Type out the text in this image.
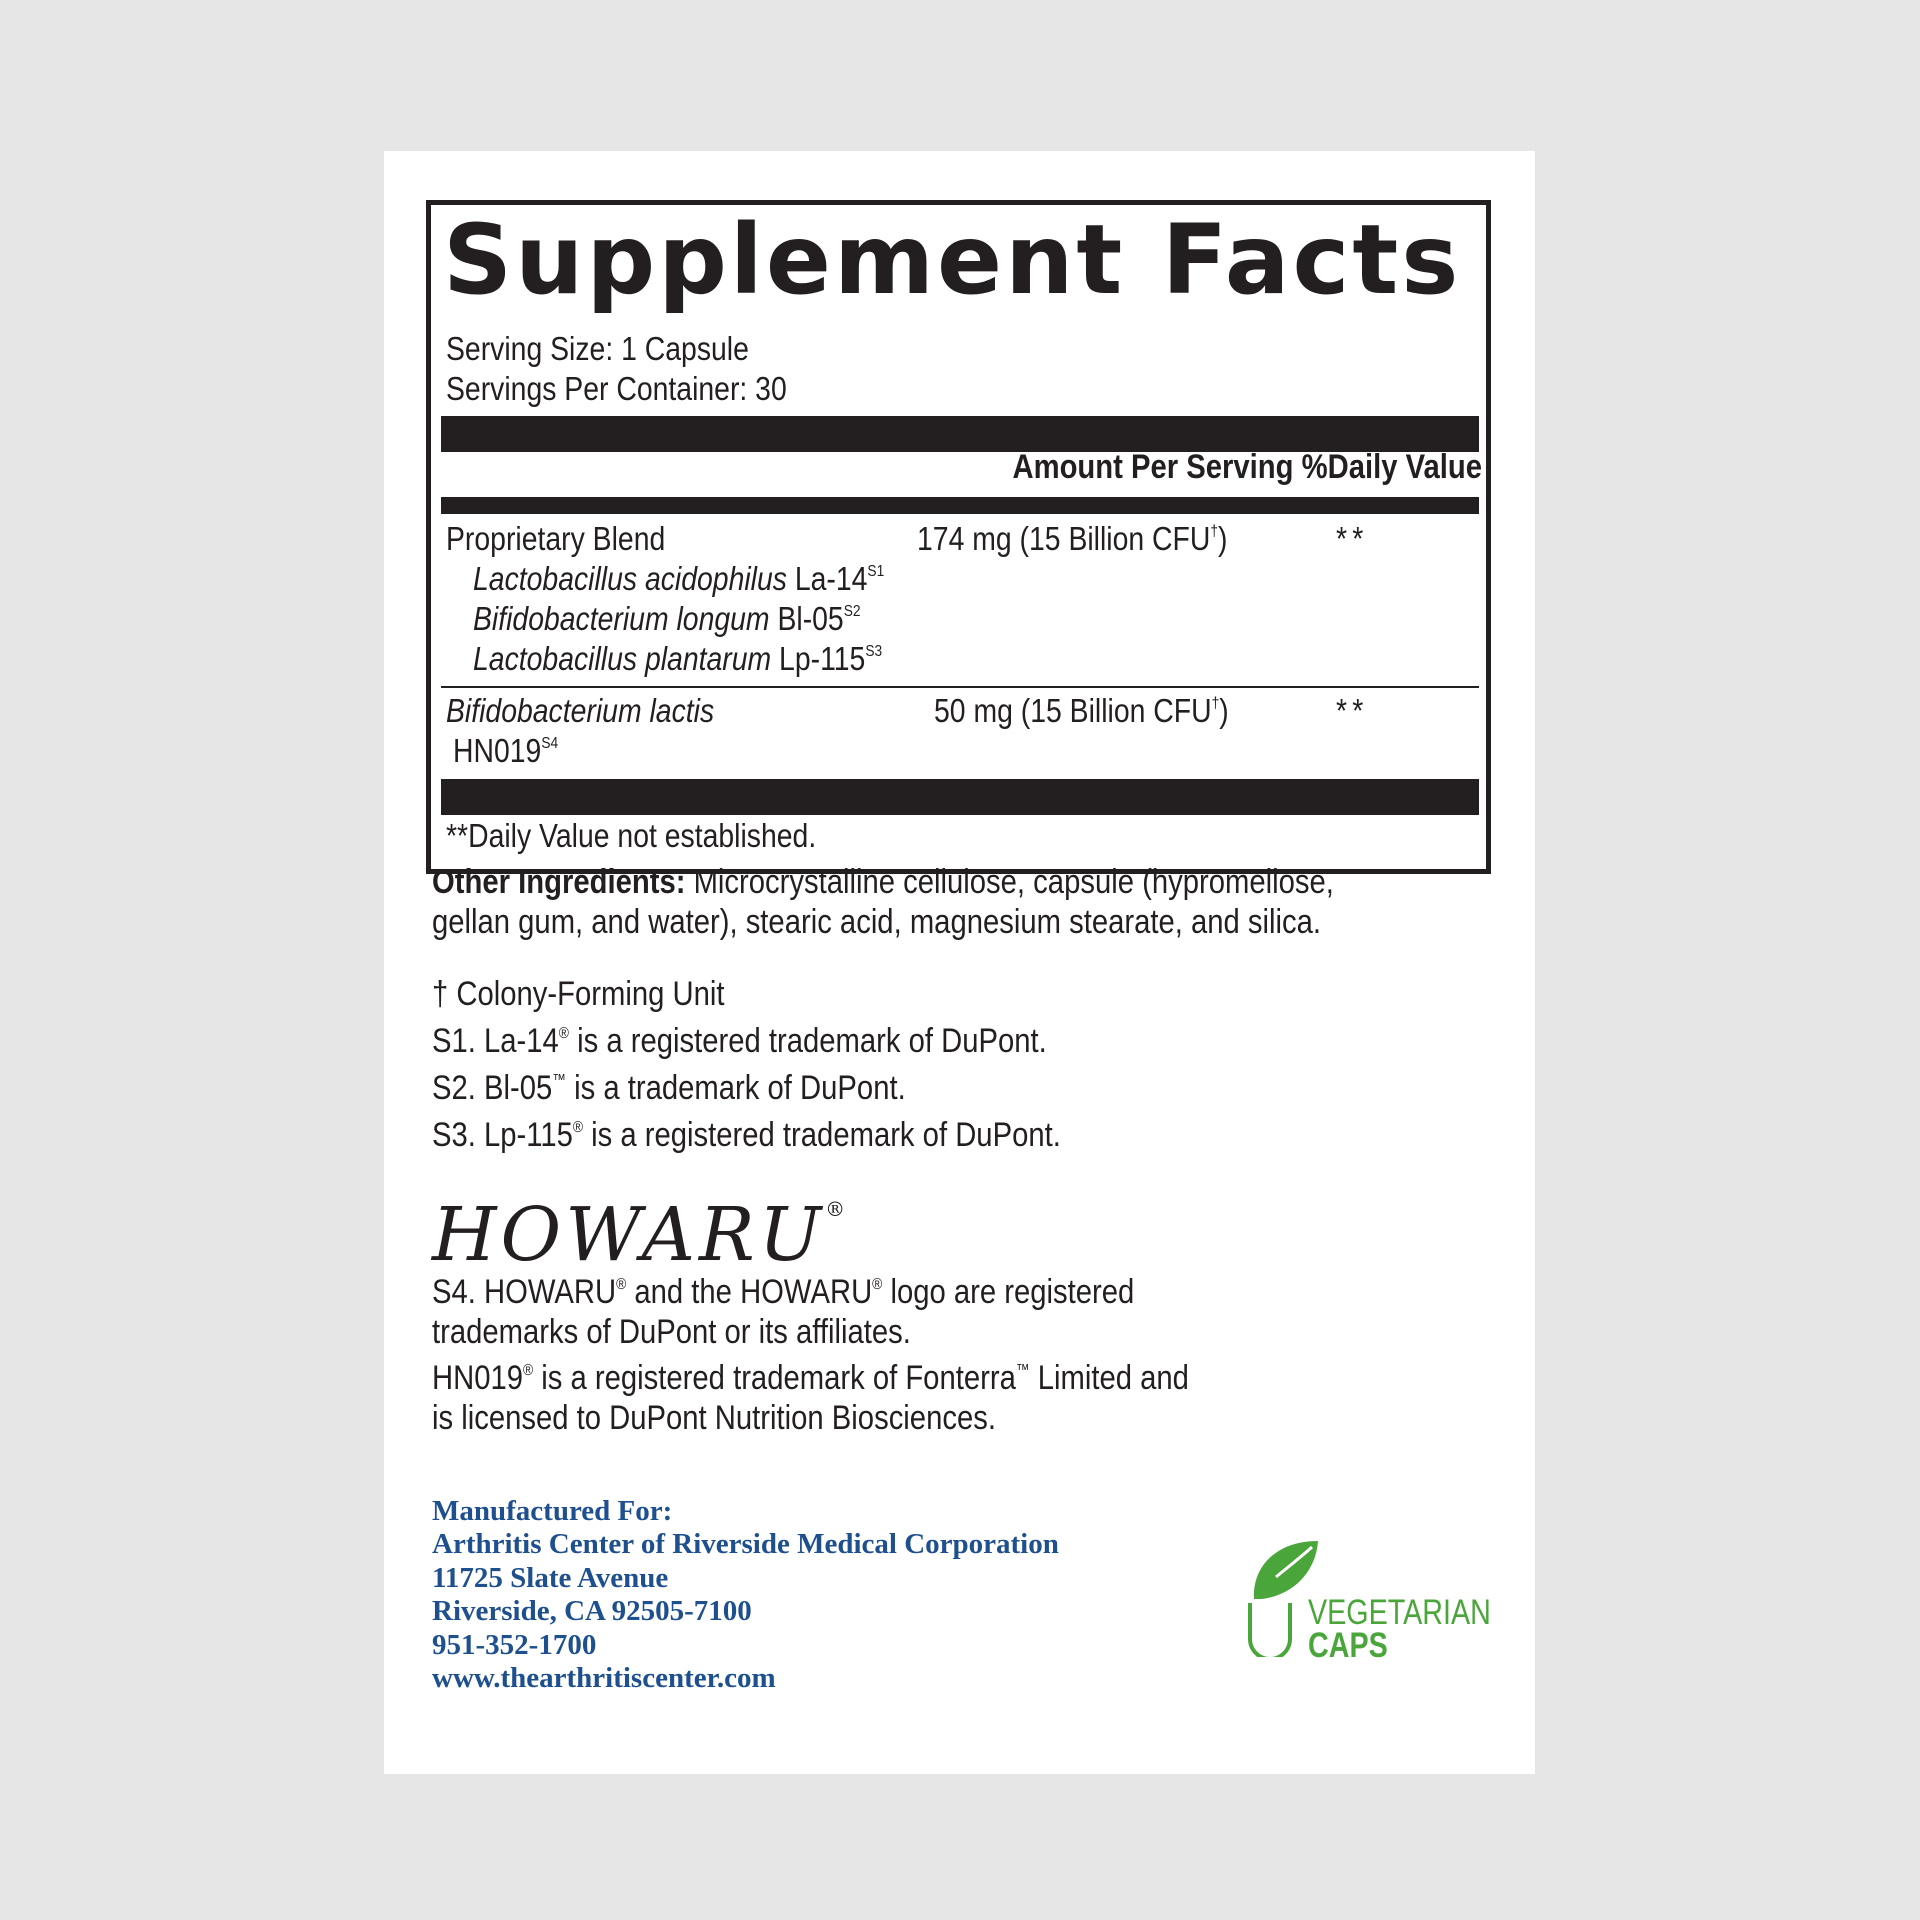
Supplement Facts
Serving Size: 1 Capsule
Servings Per Container: 30
Amount Per Serving %Daily Value
Proprietary Blend	174 mg (15 Billion CFU†)	**
Lactobacillus acidophilus $La-14^{S1}$
Bifidobacterium longum $Bl-05^{S2}$
Lactobacillus plantarum $Lp-115^{S3}$
Bifidobacterium lactis
$HN019^{S4}$
50 mg (15 Billion CFU†)	**
**Daily Value not established.
Other Ingredients: Microcrystalline cellulose, capsule (hypromellose,
gellan gum, and water), stearic acid, magnesium stearate, and silica.
† Colony-Forming Unit
S1. La-14® is a registered trademark of DuPont.
S2. Bl-05™ is a trademark of DuPont.
S3. Lp-115® is a registered trademark of DuPont.
HOWARU®
S4. HOWARU® and the HOWARU® logo are registered
trademarks of DuPont or its affiliates.
HN019® is a registered trademark of Fonterra™ Limited and
is licensed to DuPont Nutrition Biosciences.
Manufactured For:
Arthritis Center of Riverside Medical Corporation
11725 Slate Avenue
Riverside, CA 92505-7100
951-352-1700
www.thearthritiscenter.com
VEGETARIAN
CAPS
